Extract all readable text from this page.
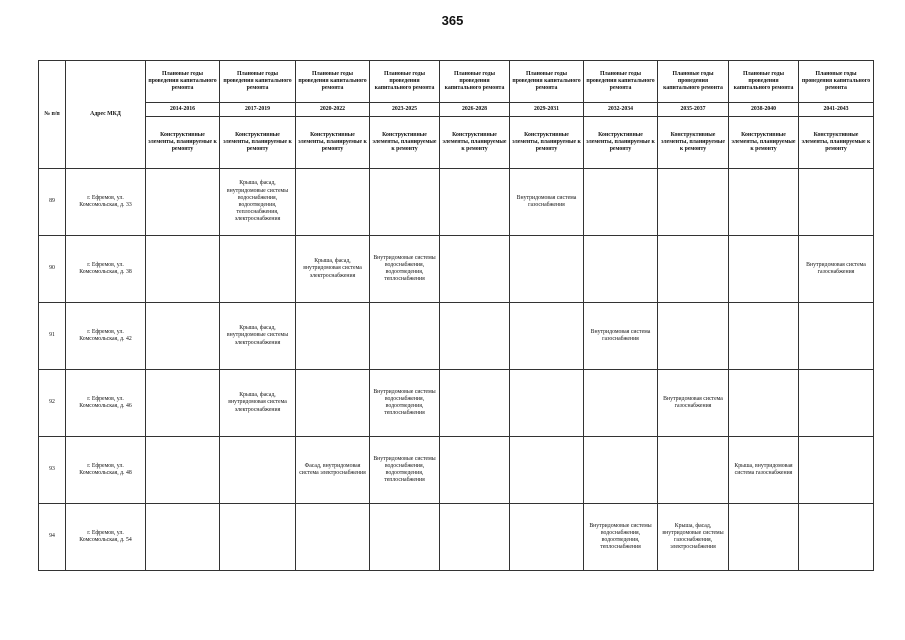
365
№ п/п	Адрес МКД	Плановые годы проведения капитального ремонта	Плановые годы проведения капитального ремонта	Плановые годы проведения капитального ремонта	Плановые годы проведения капитального ремонта	Плановые годы проведения капитального ремонта	Плановые годы проведения капитального ремонта	Плановые годы проведения капитального ремонта	Плановые годы проведения капитального ремонта	Плановые годы проведения капитального ремонта	Плановые годы проведения капитального ремонта
		2014-2016	2017-2019	2020-2022	2023-2025	2026-2028	2029-2031	2032-2034	2035-2037	2038-2040	2041-2043
		Конструктивные элементы, планируемые к ремонту	Конструктивные элементы, планируемые к ремонту	Конструктивные элементы, планируемые к ремонту	Конструктивные элементы, планируемые к ремонту	Конструктивные элементы, планируемые к ремонту	Конструктивные элементы, планируемые к ремонту	Конструктивные элементы, планируемые к ремонту	Конструктивные элементы, планируемые к ремонту	Конструктивные элементы, планируемые к ремонту	Конструктивные элементы, планируемые к ремонту
89	г. Ефремов, ул. Комсомольская, д. 33		Крыша, фасад, внутридомовые системы водоснабжения, водоотведения, теплоснабжения, электроснабжения				Внутридомовая система газоснабжения				
90	г. Ефремов, ул. Комсомольская, д. 38			Крыша, фасад, внутридомовая система электроснабжения	Внутридомовые системы водоснабжения, водоотведения, теплоснабжения						Внутридомовая система газоснабжения
91	г. Ефремов, ул. Комсомольская, д. 42		Крыша, фасад, внутридомовые системы электроснабжения					Внутридомовая система газоснабжения			
92	г. Ефремов, ул. Комсомольская, д. 46		Крыша, фасад, внутридомовая система электроснабжения		Внутридомовые системы водоснабжения, водоотведения, теплоснабжения				Внутридомовая система газоснабжения		
93	г. Ефремов, ул. Комсомольская, д. 48			Фасад, внутридомовая система электроснабжения	Внутридомовые системы водоснабжения, водоотведения, теплоснабжения					Крыша, внутридомовая система газоснабжения	
94	г. Ефремов, ул. Комсомольская, д. 54							Внутридомовые системы водоснабжения, водоотведения, теплоснабжения	Крыша, фасад, внутридомовые системы газоснабжения, электроснабжения		
